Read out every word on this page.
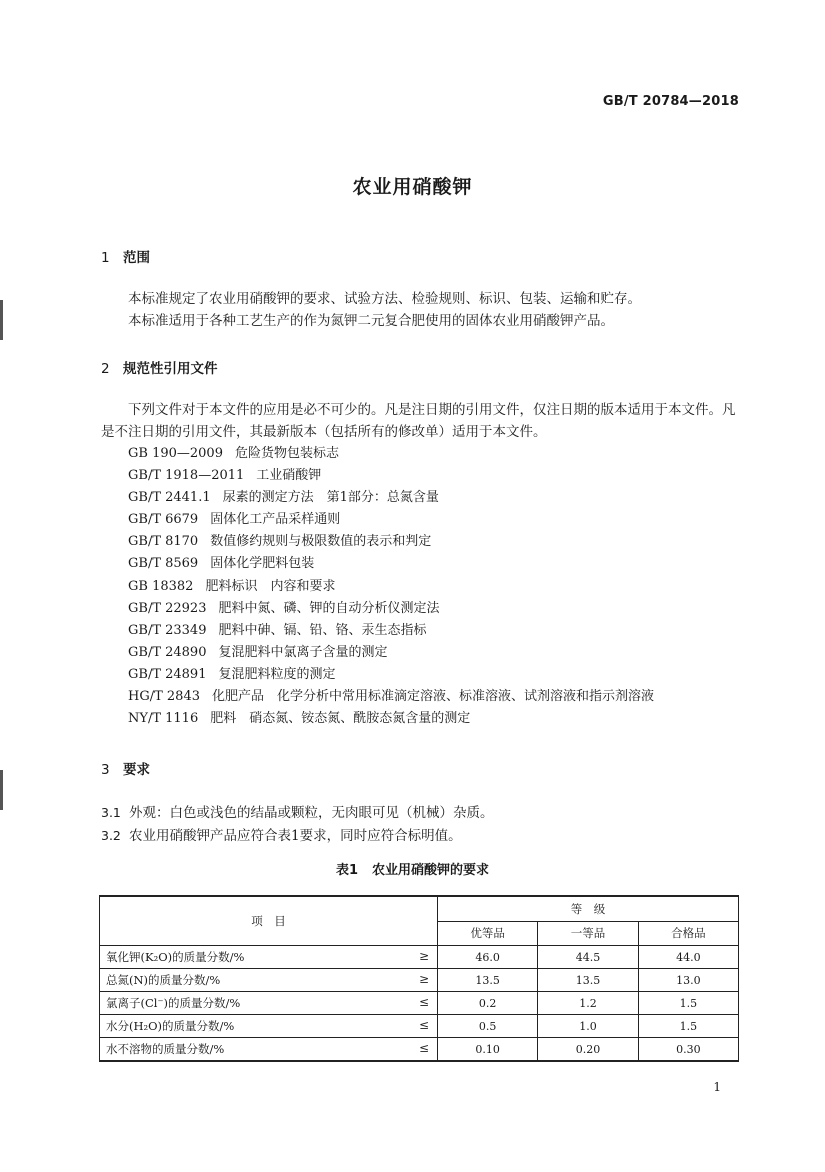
GB/T 20784—2018
农业用硝酸钾
1 范围
本标准规定了农业用硝酸钾的要求、试验方法、检验规则、标识、包装、运输和贮存。
本标准适用于各种工艺生产的作为氮钾二元复合肥使用的固体农业用硝酸钾产品。
2 规范性引用文件
下列文件对于本文件的应用是必不可少的。凡是注日期的引用文件，仅注日期的版本适用于本文件。凡是不注日期的引用文件，其最新版本（包括所有的修改单）适用于本文件。
GB 190—2009 危险货物包装标志
GB/T 1918—2011 工业硝酸钾
GB/T 2441.1 尿素的测定方法　第1部分：总氮含量
GB/T 6679 固体化工产品采样通则
GB/T 8170 数值修约规则与极限数值的表示和判定
GB/T 8569 固体化学肥料包装
GB 18382 肥料标识　内容和要求
GB/T 22923 肥料中氮、磷、钾的自动分析仪测定法
GB/T 23349 肥料中砷、镉、铅、铬、汞生态指标
GB/T 24890 复混肥料中氯离子含量的测定
GB/T 24891 复混肥料粒度的测定
HG/T 2843 化肥产品　化学分析中常用标准滴定溶液、标准溶液、试剂溶液和指示剂溶液
NY/T 1116 肥料　硝态氮、铵态氮、酰胺态氮含量的测定
3 要求
3.1 外观：白色或浅色的结晶或颗粒，无肉眼可见（机械）杂质。
3.2 农业用硝酸钾产品应符合表1要求，同时应符合标明值。
表1 农业用硝酸钾的要求
项　目	等　级		
	优等品	一等品	合格品
氧化钾(K₂O)的质量分数/% ≥	46.0	44.5	44.0
总氮(N)的质量分数/% ≥	13.5	13.5	13.0
氯离子(Cl⁻)的质量分数/% ≤	0.2	1.2	1.5
水分(H₂O)的质量分数/% ≤	0.5	1.0	1.5
水不溶物的质量分数/% ≤	0.10	0.20	0.30
1
